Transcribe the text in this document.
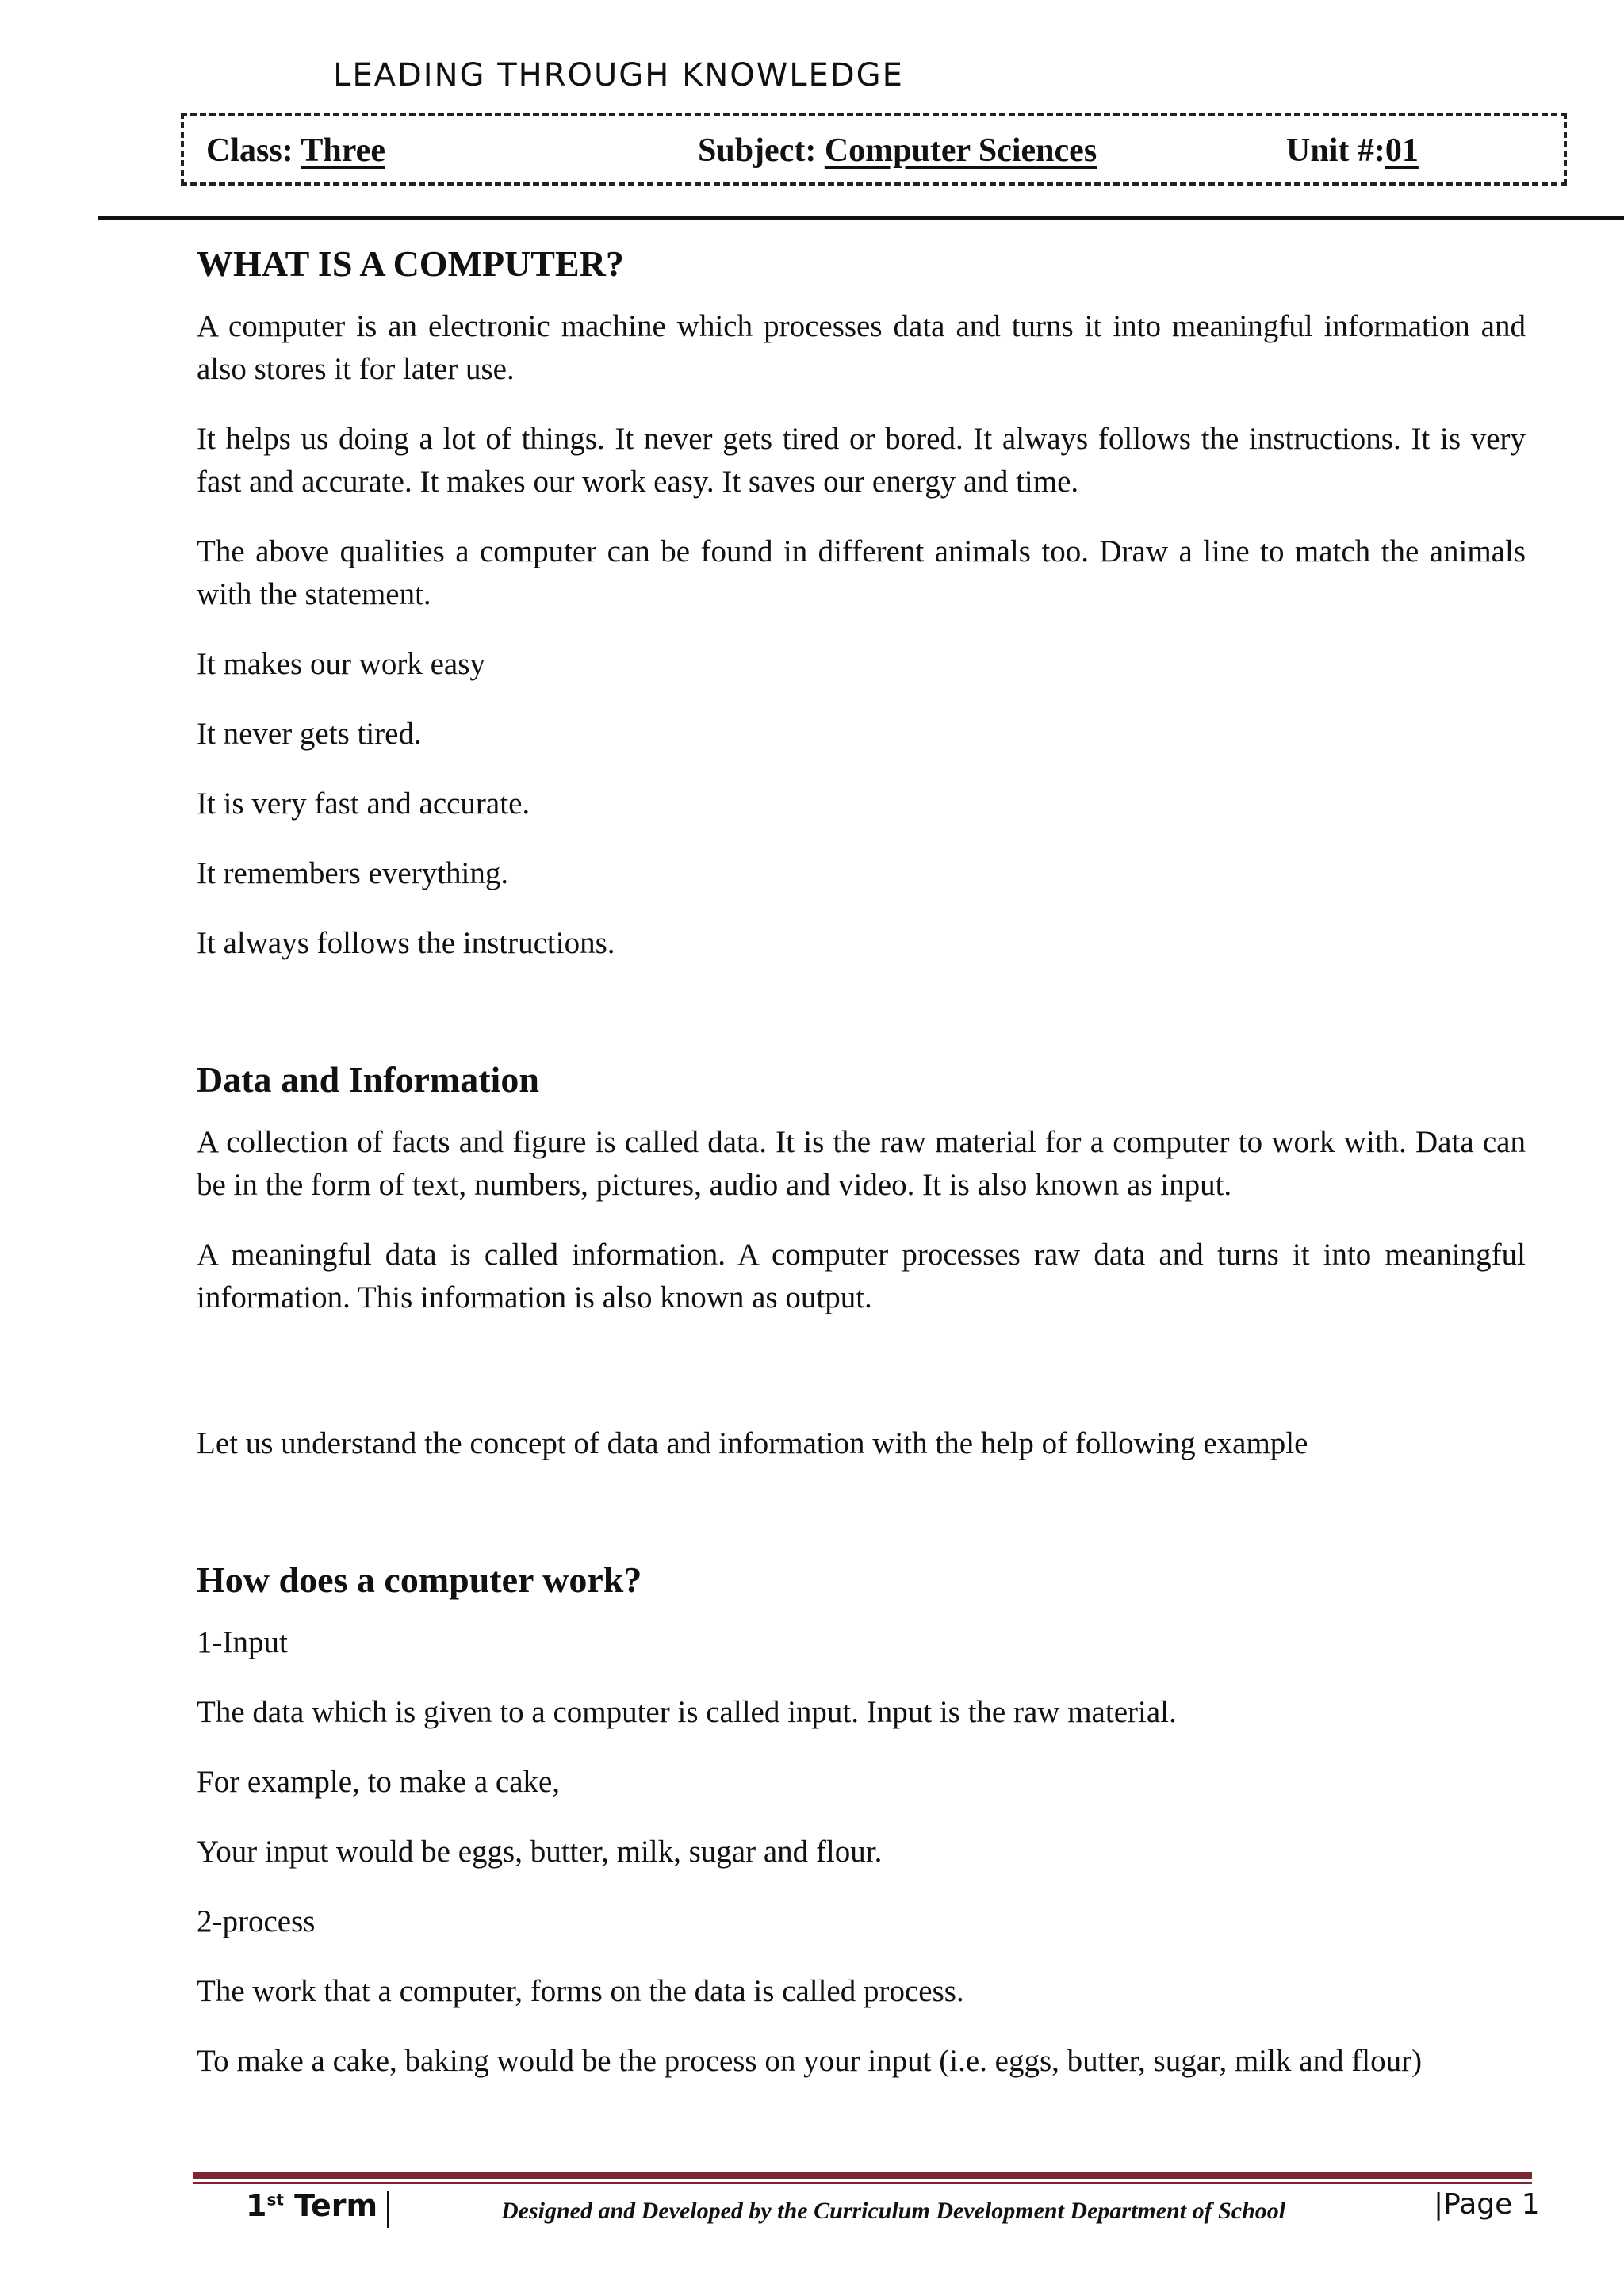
LEADING THROUGH KNOWLEDGE
Class: Three	Subject: Computer Sciences	Unit #:01
WHAT IS A COMPUTER?

A computer is an electronic machine which processes data and turns it into meaningful information and also stores it for later use.

It helps us doing a lot of things. It never gets tired or bored. It always follows the instructions. It is very fast and accurate. It makes our work easy. It saves our energy and time.

The above qualities a computer can be found in different animals too. Draw a line to match the animals with the statement.

It makes our work easy

It never gets tired.

It is very fast and accurate.

It remembers everything.

It always follows the instructions.

Data and Information

A collection of facts and figure is called data. It is the raw material for a computer to work with. Data can be in the form of text, numbers, pictures, audio and video. It is also known as input.

A meaningful data is called information. A computer processes raw data and turns it into meaningful information. This information is also known as output.

Let us understand the concept of data and information with the help of following example

How does a computer work?

1-Input

The data which is given to a computer is called input. Input is the raw material.

For example, to make a cake,

Your input would be eggs, butter, milk, sugar and flour.

2-process

The work that a computer, forms on the data is called process.

To make a cake, baking would be the process on your input (i.e. eggs, butter, sugar, milk and flour)

1st Term	Designed and Developed by the Curriculum Development Department of School	|Page 1
